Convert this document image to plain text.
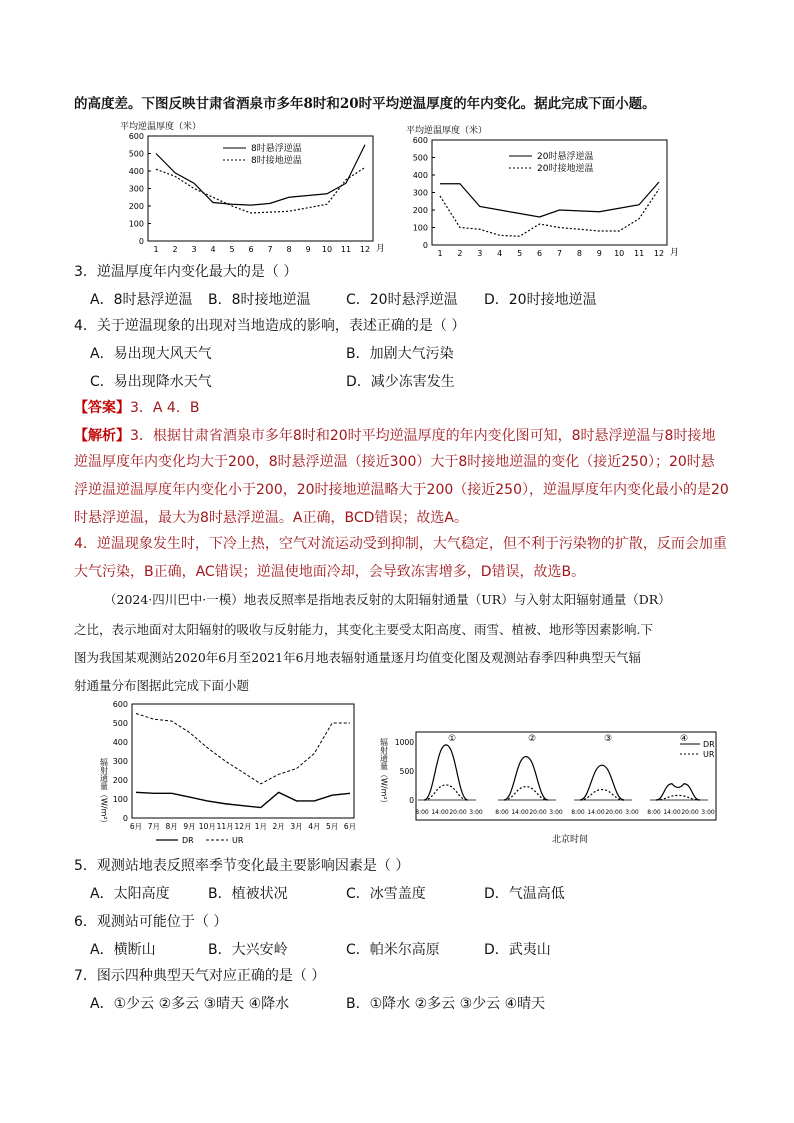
的高度差。下图反映甘肃省酒泉市多年8时和20时平均逆温厚度的年内变化。据此完成下面小题。
平均逆温厚度（米）
0
100
200
300
400
500
600
1 2 3 4 5 6 7 8 9 10 11 12 月
8时悬浮逆温
8时接地逆温
平均逆温厚度（米）
0
100
200
300
400
500
600
1 2 3 4 5 6 7 8 9 10 11 12 月
20时悬浮逆温
20时接地逆温
3．逆温厚度年内变化最大的是（ ）
A．8时悬浮逆温 B．8时接地逆温	C．20时悬浮逆温 D．20时接地逆温
4．关于逆温现象的出现对当地造成的影响，表述正确的是（ ）
A．易出现大风天气	B．加剧大气污染
C．易出现降水天气	D．减少冻害发生
【答案】3．A 4．B
【解析】3．根据甘肃省酒泉市多年8时和20时平均逆温厚度的年内变化图可知，8时悬浮逆温与8时接地
逆温厚度年内变化均大于200，8时悬浮逆温（接近300）大于8时接地逆温的变化（接近250）；20时悬
浮逆温逆温厚度年内变化小于200，20时接地逆温略大于200（接近250），逆温厚度年内变化最小的是20
时悬浮逆温，最大为8时悬浮逆温。A正确，BCD错误；故选A。
4．逆温现象发生时，下冷上热，空气对流运动受到抑制，大气稳定，但不利于污染物的扩散，反而会加重
大气污染，B正确，AC错误；逆温使地面冷却，会导致冻害增多，D错误，故选B。
（2024·四川巴中·一模）地表反照率是指地表反射的太阳辐射通量（UR）与入射太阳辐射通量（DR）
之比，表示地面对太阳辐射的吸收与反射能力，其变化主要受太阳高度、雨雪、植被、地形等因素影响.下
图为我国某观测站2020年6月至2021年6月地表辐射通量逐月均值变化图及观测站春季四种典型天气辐
射通量分布图据此完成下面小题
辐射通量（W/m²） 0
100
200
300
400
500
600
6月 7月 8月 9月 10月 11月 12月 1月 2月 3月 4月 5月 6月
DR	UR
辐射通量（W/m²）	0
500
1000	①
8:00 14:00 20:00 3:00
②
8:00 14:00 20:00 3:00
③
8:00 14:00 20:00 3:00
④
8:00 14:00 20:00 3:00
北京时间
DR
UR
5．观测站地表反照率季节变化最主要影响因素是（ ）
A．太阳高度	B．植被状况	C．冰雪盖度	D．气温高低
6．观测站可能位于（ ）
A．横断山	B．大兴安岭	C．帕米尔高原	D．武夷山
7．图示四种典型天气对应正确的是（ ）
A．①少云 ②多云 ③晴天 ④降水	B．①降水 ②多云 ③少云 ④晴天
